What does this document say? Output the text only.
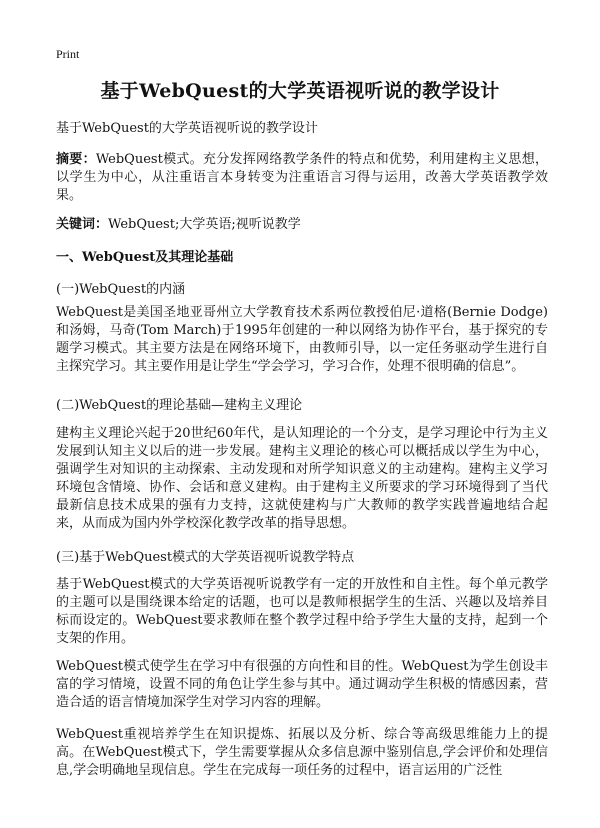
Print
基于WebQuest的大学英语视听说的教学设计
基于WebQuest的大学英语视听说的教学设计
摘要：WebQuest模式。充分发挥网络教学条件的特点和优势，利用建构主义思想，以学生为中心，从注重语言本身转变为注重语言习得与运用，改善大学英语教学效果。
关键词：WebQuest;大学英语;视听说教学
一、WebQuest及其理论基础
(一)WebQuest的内涵
WebQuest是美国圣地亚哥州立大学教育技术系两位教授伯尼·道格(Bernie Dodge)和汤姆，马奇(Tom March)于1995年创建的一种以网络为协作平台，基于探究的专题学习模式。其主要方法是在网络环境下，由教师引导，以一定任务驱动学生进行自主探究学习。其主要作用是让学生“学会学习，学习合作，处理不很明确的信息”。
(二)WebQuest的理论基础—建构主义理论
建构主义理论兴起于20世纪60年代，是认知理论的一个分支，是学习理论中行为主义发展到认知主义以后的进一步发展。建构主义理论的核心可以概括成以学生为中心，强调学生对知识的主动探索、主动发现和对所学知识意义的主动建构。建构主义学习环境包含情境、协作、会话和意义建构。由于建构主义所要求的学习环境得到了当代最新信息技术成果的强有力支持，这就使建构与广大教师的教学实践普遍地结合起来，从而成为国内外学校深化教学改革的指导思想。
(三)基于WebQuest模式的大学英语视听说教学特点
基于WebQuest模式的大学英语视听说教学有一定的开放性和自主性。每个单元教学的主题可以是围绕课本给定的话题，也可以是教师根据学生的生活、兴趣以及培养目标而设定的。WebQuest要求教师在整个教学过程中给予学生大量的支持，起到一个支架的作用。
WebQuest模式使学生在学习中有很强的方向性和目的性。WebQuest为学生创设丰富的学习情境，设置不同的角色让学生参与其中。通过调动学生积极的情感因素，营造合适的语言情境加深学生对学习内容的理解。
WebQuest重视培养学生在知识提炼、拓展以及分析、综合等高级思维能力上的提高。在WebQuest模式下，学生需要掌握从众多信息源中鉴别信息,学会评价和处理信息,学会明确地呈现信息。学生在完成每一项任务的过程中，语言运用的广泛性
